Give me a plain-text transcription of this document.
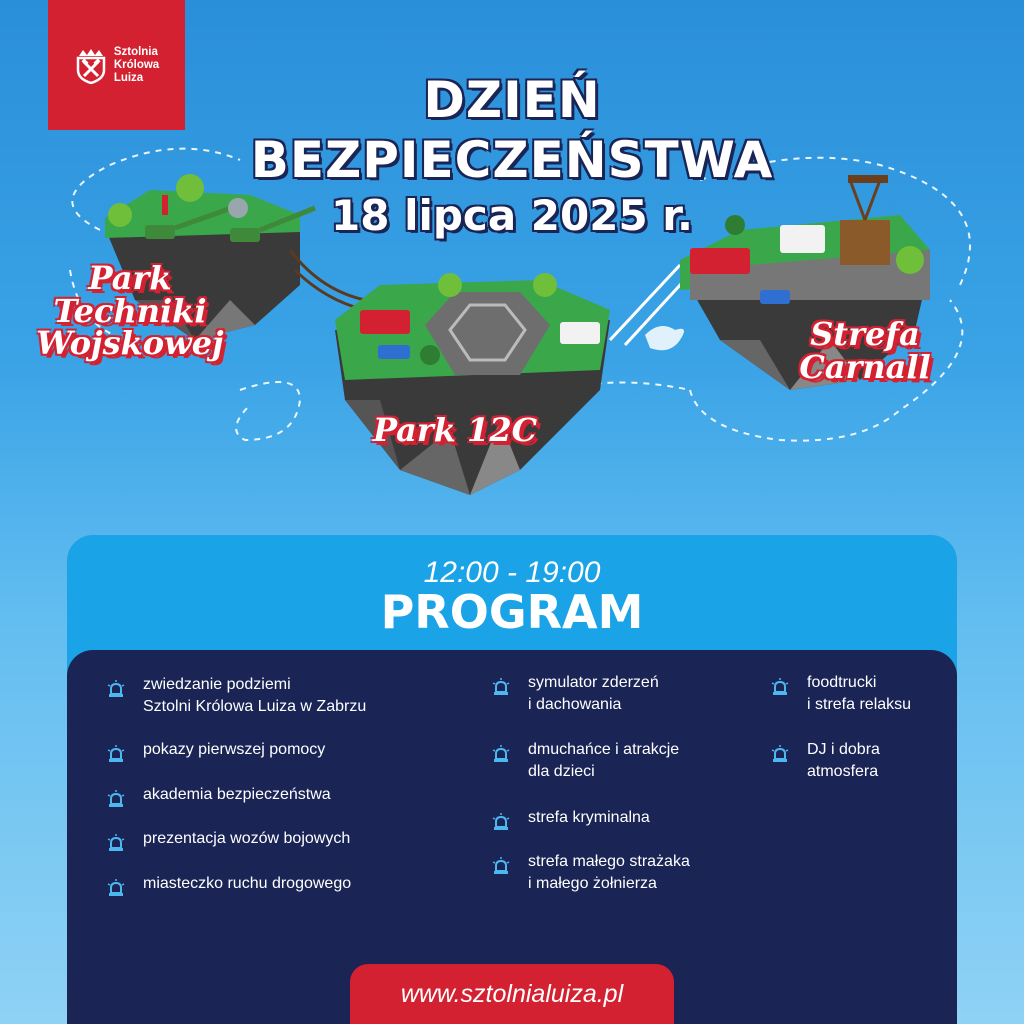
Sztolnia
Królowa
Luiza	DZIEŃ
BEZPIECZEŃSTWA
18 lipca 2025 r.
Park
Techniki
Wojskowej
Park 12C
Strefa
Carnall
12:00 - 19:00
PROGRAM
zwiedzanie podziemi
Sztolni Królowa Luiza w Zabrzu
pokazy pierwszej pomocy
akademia bezpieczeństwa
prezentacja wozów bojowych
miasteczko ruchu drogowego
symulator zderzeń
i dachowania
dmuchańce i atrakcje
dla dzieci
strefa kryminalna
strefa małego strażaka
i małego żołnierza
foodtrucki
i strefa relaksu
DJ i dobra
atmosfera
www.sztolnialuiza.pl
